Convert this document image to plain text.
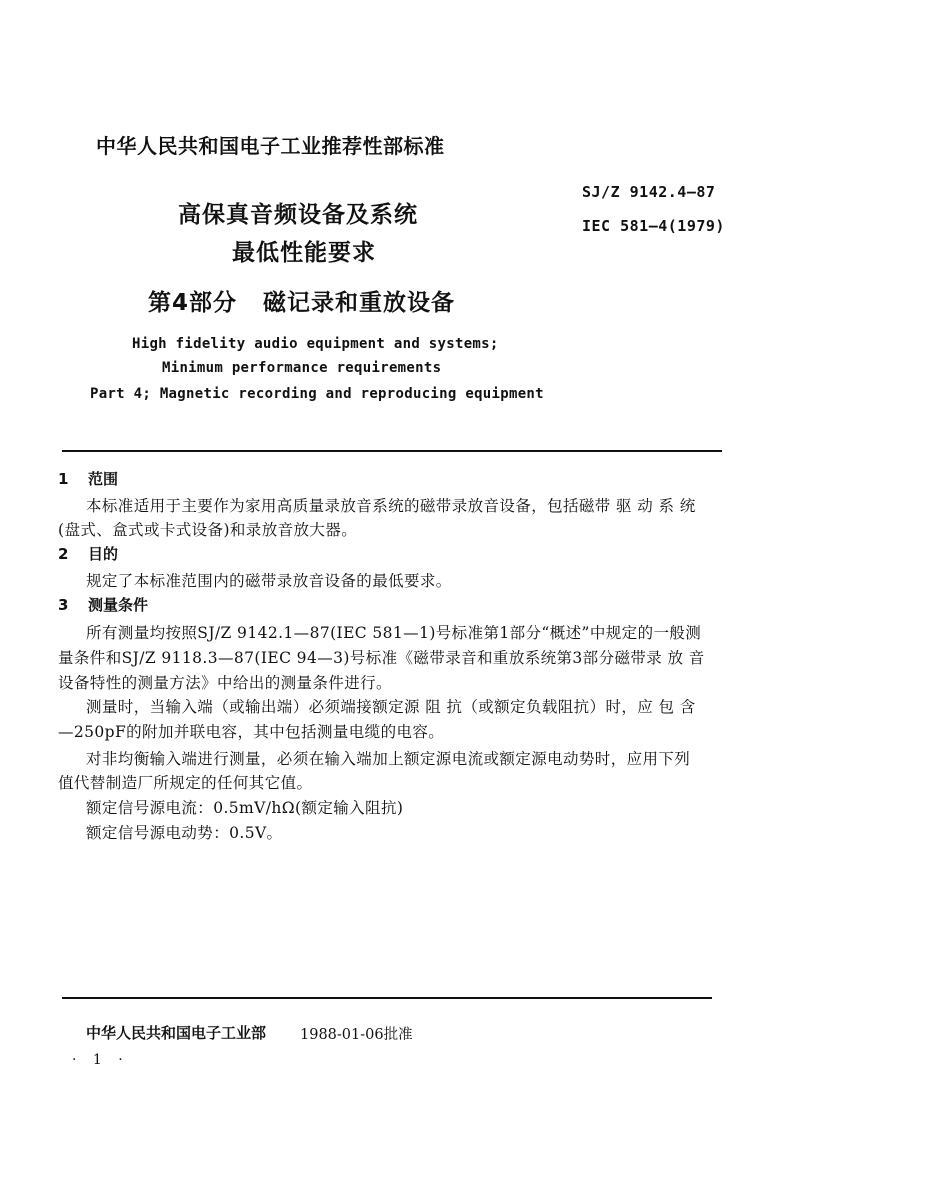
中华人民共和国电子工业推荐性部标准
高保真音频设备及系统
最低性能要求
第4部分 磁记录和重放设备
SJ/Z 9142.4—87
IEC 581—4(1979)
High fidelity audio equipment and systems;
Minimum performance requirements
Part 4; Magnetic recording and reproducing equipment
1 范围
本标准适用于主要作为家用高质量录放音系统的磁带录放音设备，包括磁带 驱 动 系 统
(盘式、盒式或卡式设备)和录放音放大器。
2 目的
规定了本标准范围内的磁带录放音设备的最低要求。
3 测量条件
所有测量均按照SJ/Z 9142.1—87(IEC 581—1)号标准第1部分“概述”中规定的一般测
量条件和SJ/Z 9118.3—87(IEC 94—3)号标准《磁带录音和重放系统第3部分磁带录 放 音
设备特性的测量方法》中给出的测量条件进行。
测量时，当输入端（或输出端）必须端接额定源 阻 抗（或额定负载阻抗）时，应 包 含
—250pF的附加并联电容，其中包括测量电缆的电容。
对非均衡输入端进行测量，必须在输入端加上额定源电流或额定源电动势时，应用下列
值代替制造厂所规定的任何其它值。
额定信号源电流：0.5mV/hΩ(额定输入阻抗)
额定信号源电动势：0.5V。
中华人民共和国电子工业部 1988-01-06批准
· 1 ·
